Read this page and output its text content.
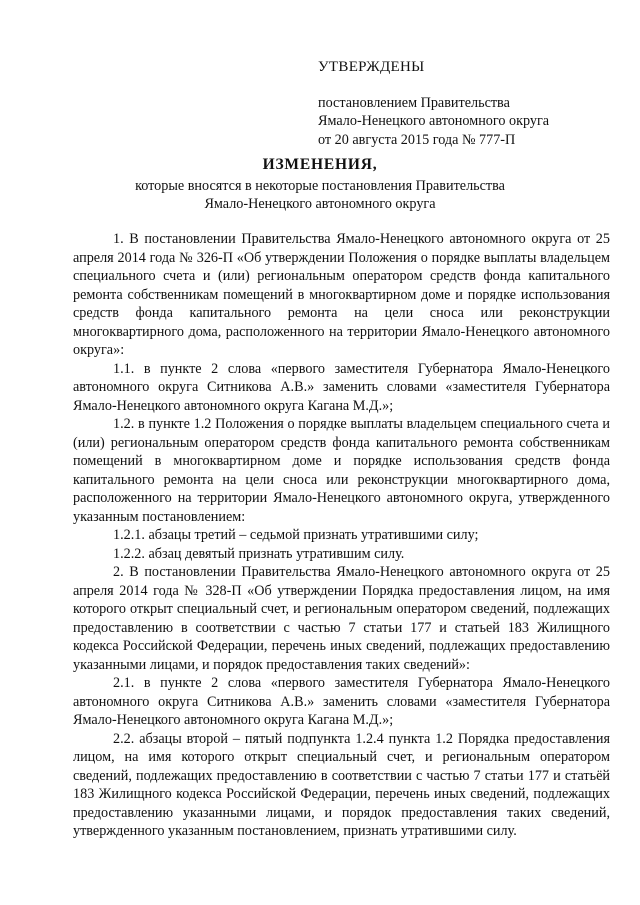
УТВЕРЖДЕНЫ
постановлением Правительства
Ямало-Ненецкого автономного округа
от 20 августа 2015 года № 777-П
ИЗМЕНЕНИЯ,
которые вносятся в некоторые постановления Правительства
Ямало-Ненецкого автономного округа

1. В постановлении Правительства Ямало-Ненецкого автономного округа от 25 апреля 2014 года № 326-П «Об утверждении Положения о порядке выплаты владельцем специального счета и (или) региональным оператором средств фонда капитального ремонта собственникам помещений в многоквартирном доме и порядке использования средств фонда капитального ремонта на цели сноса или реконструкции многоквартирного дома, расположенного на территории Ямало-Ненецкого автономного округа»:

1.1. в пункте 2 слова «первого заместителя Губернатора Ямало-Ненецкого автономного округа Ситникова А.В.» заменить словами «заместителя Губернатора Ямало-Ненецкого автономного округа Кагана М.Д.»;

1.2. в пункте 1.2 Положения о порядке выплаты владельцем специального счета и (или) региональным оператором средств фонда капитального ремонта собственникам помещений в многоквартирном доме и порядке использования средств фонда капитального ремонта на цели сноса или реконструкции многоквартирного дома, расположенного на территории Ямало-Ненецкого автономного округа, утвержденного указанным постановлением:

1.2.1. абзацы третий – седьмой признать утратившими силу;

1.2.2. абзац девятый признать утратившим силу.

2. В постановлении Правительства Ямало-Ненецкого автономного округа от 25 апреля 2014 года № 328-П «Об утверждении Порядка предоставления лицом, на имя которого открыт специальный счет, и региональным оператором сведений, подлежащих предоставлению в соответствии с частью 7 статьи 177 и статьей 183 Жилищного кодекса Российской Федерации, перечень иных сведений, подлежащих предоставлению указанными лицами, и порядок предоставления таких сведений»:

2.1. в пункте 2 слова «первого заместителя Губернатора Ямало-Ненецкого автономного округа Ситникова А.В.» заменить словами «заместителя Губернатора Ямало-Ненецкого автономного округа Кагана М.Д.»;

2.2. абзацы второй – пятый подпункта 1.2.4 пункта 1.2 Порядка предоставления лицом, на имя которого открыт специальный счет, и региональным оператором сведений, подлежащих предоставлению в соответствии с частью 7 статьи 177 и статьёй 183 Жилищного кодекса Российской Федерации, перечень иных сведений, подлежащих предоставлению указанными лицами, и порядок предоставления таких сведений, утвержденного указанным постановлением, признать утратившими силу.
